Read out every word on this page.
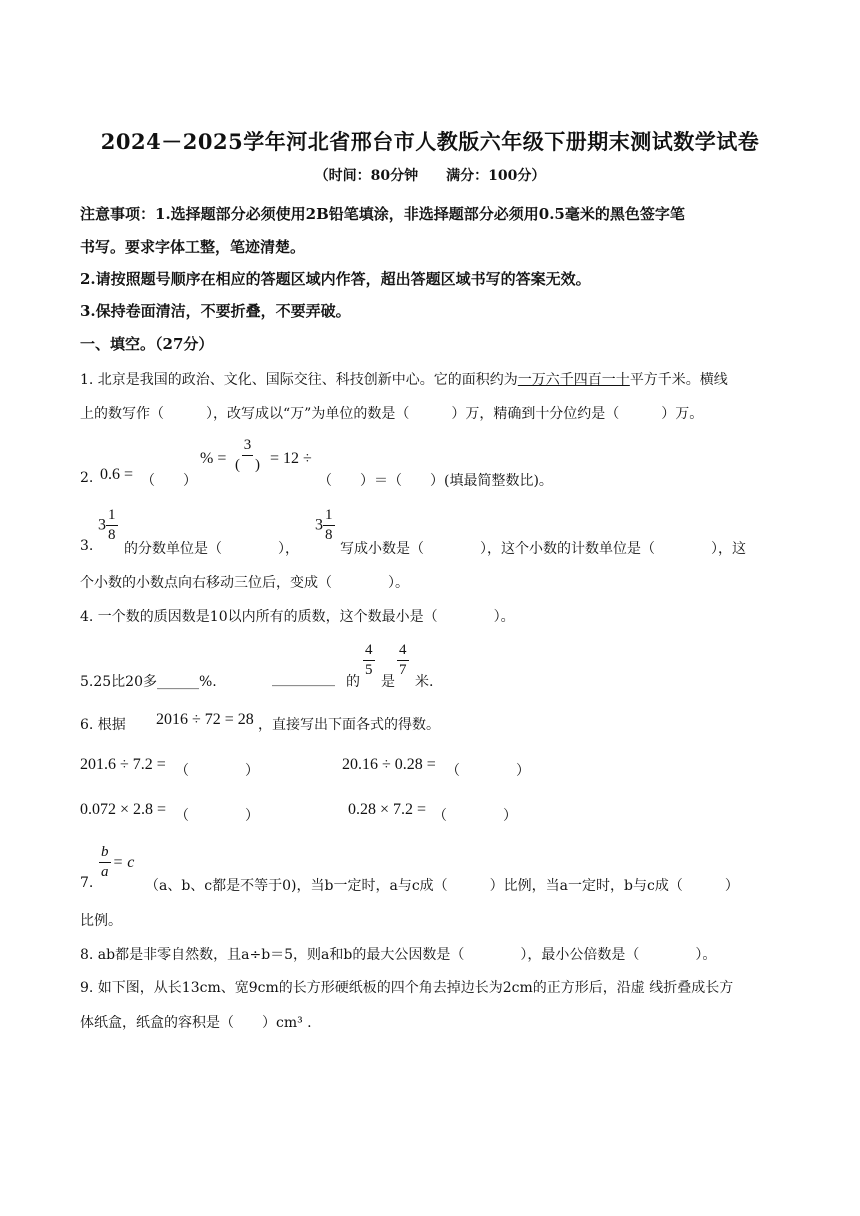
2024－2025学年河北省邢台市人教版六年级下册期末测试数学试卷
（时间：80分钟　　满分：100分）
注意事项：1.选择题部分必须使用2B铅笔填涂，非选择题部分必须用0.5毫米的黑色签字笔
书写。要求字体工整，笔迹清楚。
2.请按照题号顺序在相应的答题区域内作答，超出答题区域书写的答案无效。
3.保持卷面清洁，不要折叠，不要弄破。
一、填空。（27分）
1. 北京是我国的政治、文化、国际交往、科技创新中心。它的面积约为一万六千四百一十平方千米。横线
上的数写作（　　　），改写成以“万”为单位的数是（　　　）万，精确到十分位约是（　　　）万。
2. 0.6 = （　　）
% = $\frac{3}{( )} = 12$ ÷
（　　）＝（　　）(填最简整数比)。
3.
$3 \frac{1}{8}$
的分数单位是（　　　　），
$3 \frac{1}{8}$
写成小数是（　　　　），这个小数的计数单位是（　　　　），这
个小数的小数点向右移动三位后，变成（　　　　）。
4. 一个数的质因数是10以内所有的质数，这个数最小是（　　　　）。
5.25比20多______%.	_________ 的
$\frac{4}{5}$
是
$\frac{4}{7}$
米.
6. 根据 2016 ÷ 72 = 28 ，直接写出下面各式的得数。
201.6 ÷ 7.2 = （　　　　）	20.16 ÷ 0.28 = （　　　　）
0.072 × 2.8 = （　　　　）	0.28 × 7.2 = （　　　　）
7.
$\frac{b}{a} = c$
（a、b、c都是不等于0)，当b一定时，a与c成（　　　）比例，当a一定时，b与c成（　　　）
比例。
8. ab都是非零自然数，且a÷b＝5，则a和b的最大公因数是（　　　　），最小公倍数是（　　　　）。
9. 如下图，从长13cm、宽9cm的长方形硬纸板的四个角去掉边长为2cm的正方形后，沿虚 线折叠成长方
体纸盒，纸盒的容积是（　　）cm³ .
